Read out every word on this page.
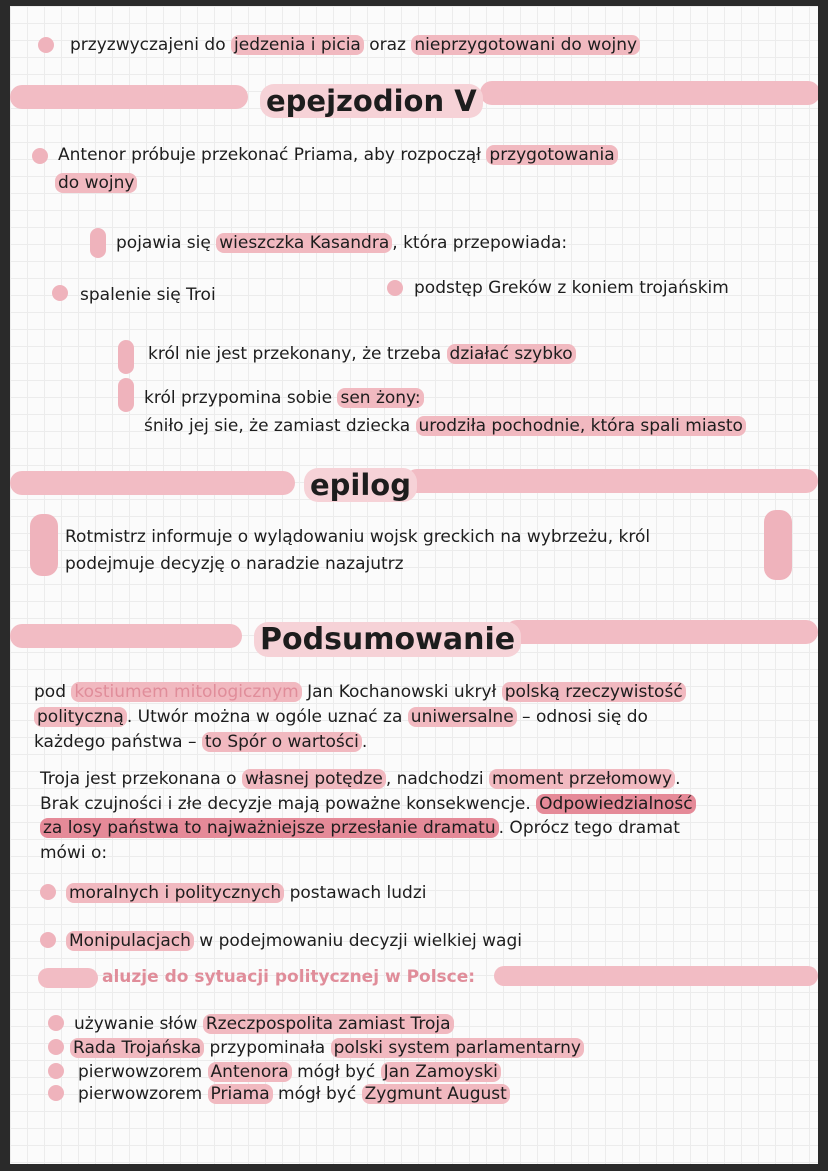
przyzwyczajeni do jedzenia i picia oraz nieprzygotowani do wojny
epejzodion V
Antenor próbuje przekonać Priama, aby rozpoczął przygotowania
do wojny
pojawia się wieszczka Kasandra , która przepowiada:
spalenie się Troi	podstęp Greków z koniem trojańskim
król nie jest przekonany, że trzeba działać szybko
król przypomina sobie sen żony:
śniło jej sie, że zamiast dziecka urodziła pochodnie, która spali miasto
epilog
Rotmistrz informuje o wylądowaniu wojsk greckich na wybrzeżu, król
podejmuje decyzję o naradzie nazajutrz
Podsumowanie
pod kostiumem mitologicznym Jan Kochanowski ukrył polską rzeczywistość
polityczną . Utwór można w ogóle uznać za uniwersalne – odnosi się do
każdego państwa – to Spór o wartości .
Troja jest przekonana o własnej potędze , nadchodzi moment przełomowy .
Brak czujności i złe decyzje mają poważne konsekwencje. Odpowiedzialność
za losy państwa to najważniejsze przesłanie dramatu . Oprócz tego dramat
mówi o:
moralnych i politycznych postawach ludzi
Monipulacjach w podejmowaniu decyzji wielkiej wagi
aluzje do sytuacji politycznej w Polsce:
używanie słów Rzeczpospolita zamiast Troja
Rada Trojańska przypominała polski system parlamentarny
pierwowzorem Antenora mógł być Jan Zamoyski
pierwowzorem Priama mógł być Zygmunt August
